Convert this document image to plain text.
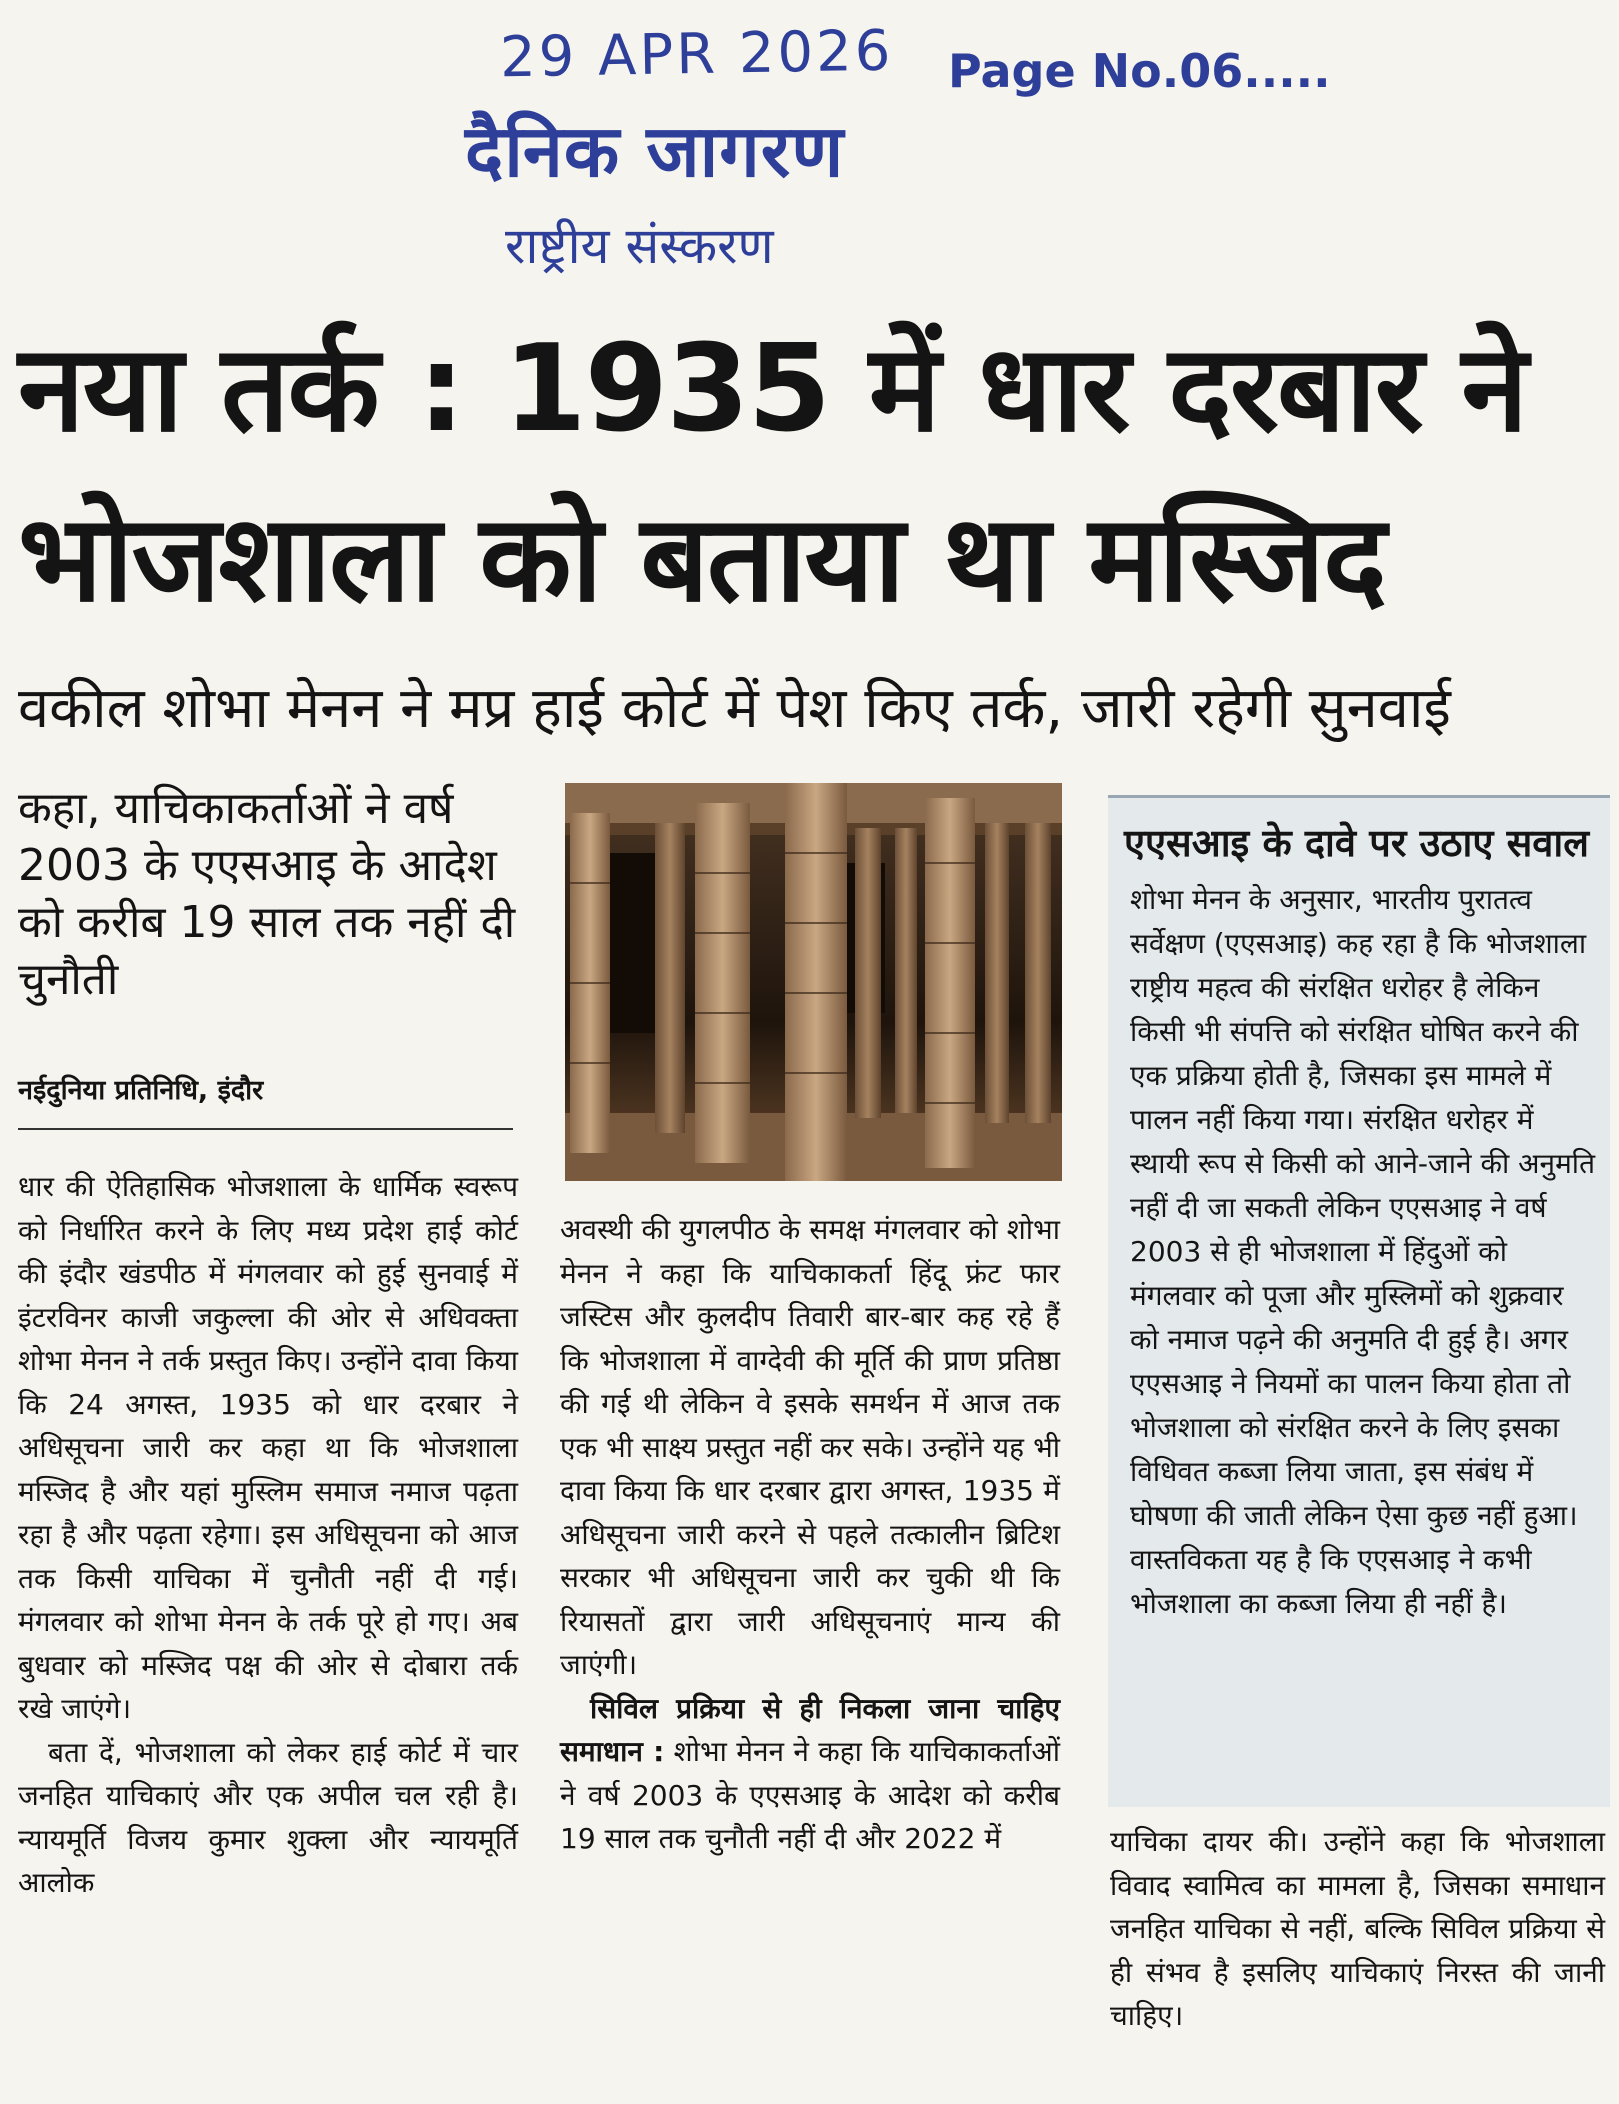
29 APR 2026 Page No.06.....
दैनिक जागरण
राष्ट्रीय संस्करण
नया तर्क : 1935 में धार दरबार ने
भोजशाला को बताया था मस्जिद
वकील शोभा मेनन ने मप्र हाई कोर्ट में पेश किए तर्क, जारी रहेगी सुनवाई
कहा, याचिकाकर्ताओं ने वर्ष 2003 के एएसआइ के आदेश को करीब 19 साल तक नहीं दी चुनौती
नईदुनिया प्रतिनिधि, इंदौर

धार की ऐतिहासिक भोजशाला के धार्मिक स्वरूप को निर्धारित करने के लिए मध्य प्रदेश हाई कोर्ट की इंदौर खंडपीठ में मंगलवार को हुई सुनवाई में इंटरविनर काजी जकुल्ला की ओर से अधिवक्ता शोभा मेनन ने तर्क प्रस्तुत किए। उन्होंने दावा किया कि 24 अगस्त, 1935 को धार दरबार ने अधिसूचना जारी कर कहा था कि भोजशाला मस्जिद है और यहां मुस्लिम समाज नमाज पढ़ता रहा है और पढ़ता रहेगा। इस अधिसूचना को आज तक किसी याचिका में चुनौती नहीं दी गई। मंगलवार को शोभा मेनन के तर्क पूरे हो गए। अब बुधवार को मस्जिद पक्ष की ओर से दोबारा तर्क रखे जाएंगे।

बता दें, भोजशाला को लेकर हाई कोर्ट में चार जनहित याचिकाएं और एक अपील चल रही है। न्यायमूर्ति विजय कुमार शुक्ला और न्यायमूर्ति आलोक

अवस्थी की युगलपीठ के समक्ष मंगलवार को शोभा मेनन ने कहा कि याचिकाकर्ता हिंदू फ्रंट फार जस्टिस और कुलदीप तिवारी बार-बार कह रहे हैं कि भोजशाला में वाग्देवी की मूर्ति की प्राण प्रतिष्ठा की गई थी लेकिन वे इसके समर्थन में आज तक एक भी साक्ष्य प्रस्तुत नहीं कर सके। उन्होंने यह भी दावा किया कि धार दरबार द्वारा अगस्त, 1935 में अधिसूचना जारी करने से पहले तत्कालीन ब्रिटिश सरकार भी अधिसूचना जारी कर चुकी थी कि रियासतों द्वारा जारी अधिसूचनाएं मान्य की जाएंगी।

सिविल प्रक्रिया से ही निकला जाना चाहिए समाधान : शोभा मेनन ने कहा कि याचिकाकर्ताओं ने वर्ष 2003 के एएसआइ के आदेश को करीब 19 साल तक चुनौती नहीं दी और 2022 में

एएसआइ के दावे पर उठाए सवाल
शोभा मेनन के अनुसार, भारतीय पुरातत्व सर्वेक्षण (एएसआइ) कह रहा है कि भोजशाला राष्ट्रीय महत्व की संरक्षित धरोहर है लेकिन किसी भी संपत्ति को संरक्षित घोषित करने की एक प्रक्रिया होती है, जिसका इस मामले में पालन नहीं किया गया। संरक्षित धरोहर में स्थायी रूप से किसी को आने-जाने की अनुमति नहीं दी जा सकती लेकिन एएसआइ ने वर्ष 2003 से ही भोजशाला में हिंदुओं को मंगलवार को पूजा और मुस्लिमों को शुक्रवार को नमाज पढ़ने की अनुमति दी हुई है। अगर एएसआइ ने नियमों का पालन किया होता तो भोजशाला को संरक्षित करने के लिए इसका विधिवत कब्जा लिया जाता, इस संबंध में घोषणा की जाती लेकिन ऐसा कुछ नहीं हुआ। वास्तविकता यह है कि एएसआइ ने कभी भोजशाला का कब्जा लिया ही नहीं है।

याचिका दायर की। उन्होंने कहा कि भोजशाला विवाद स्वामित्व का मामला है, जिसका समाधान जनहित याचिका से नहीं, बल्कि सिविल प्रक्रिया से ही संभव है इसलिए याचिकाएं निरस्त की जानी चाहिए।
